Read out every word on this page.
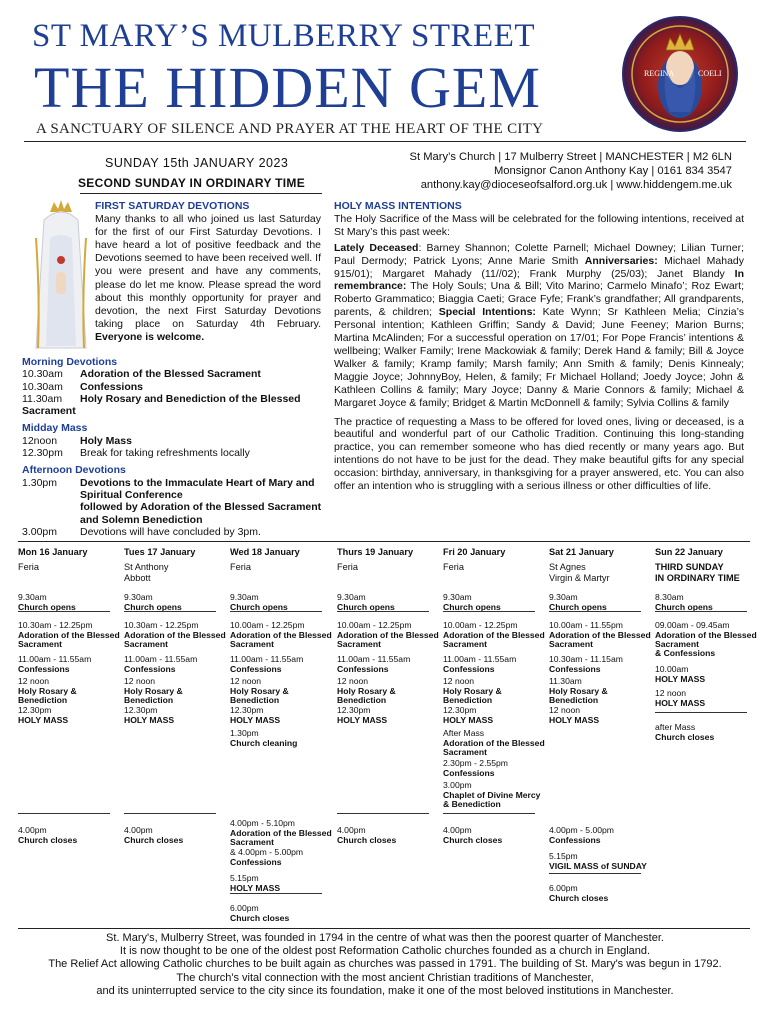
ST MARY’S MULBERRY STREET
THE HIDDEN GEM
A SANCTUARY OF SILENCE AND PRAYER AT THE HEART OF THE CITY
REGINA	COELI
SUNDAY 15th JANUARY 2023
SECOND SUNDAY IN ORDINARY TIME
St Mary’s Church | 17 Mulberry Street | MANCHESTER | M2 6LN
Monsignor Canon Anthony Kay | 0161 834 3547
anthony.kay@dioceseofsalford.org.uk | www.hiddengem.me.uk
FIRST SATURDAY DEVOTIONS

Many thanks to all who joined us last Saturday for the first of our First Saturday Devotions. I have heard a lot of positive feedback and the Devotions seemed to have been received well. If you were present and have any comments, please do let me know. Please spread the word about this monthly opportunity for prayer and devotion, the next First Saturday Devotions taking place on Saturday 4th February. Everyone is welcome.

Morning Devotions
10.30am	Adoration of the Blessed Sacrament
10.30am	Confessions
11.30am Holy Rosary and Benediction of the Blessed Sacrament
Midday Mass
12noon	Holy Mass
12.30pm	Break for taking refreshments locally
Afternoon Devotions
1.30pm	Devotions to the Immaculate Heart of Mary and Spiritual Conference
followed by Adoration of the Blessed Sacrament and Solemn Benediction
3.00pm	Devotions will have concluded by 3pm.
HOLY MASS INTENTIONS

The Holy Sacrifice of the Mass will be celebrated for the following intentions, received at St Mary’s this past week:

Lately Deceased: Barney Shannon; Colette Parnell; Michael Downey; Lilian Turner; Paul Dermody; Patrick Lyons; Anne Marie Smith Anniversaries: Michael Mahady 915/01); Margaret Mahady (11//02); Frank Murphy (25/03); Janet Blandy In remembrance: The Holy Souls; Una & Bill; Vito Marino; Carmelo Minafo’; Roz Ewart; Roberto Grammatico; Biaggia Caeti; Grace Fyfe; Frank’s grandfather; All grandparents, parents, & children; Special Intentions: Kate Wynn; Sr Kathleen Melia; Cinzia’s Personal intention; Kathleen Griffin; Sandy & David; June Feeney; Marion Burns; Martina McAlinden; For a successful operation on 17/01; For Pope Francis’ intentions & wellbeing; Walker Family; Irene Mackowiak & family; Derek Hand & family; Bill & Joyce Walker & family; Kramp family; Marsh family; Ann Smith & family; Denis Kinnealy; Maggie Joyce; JohnnyBoy, Helen, & family; Fr Michael Holland; Joedy Joyce; John & Kathleen Collins & family; Mary Joyce; Danny & Marie Connors & family; Michael & Margaret Joyce & family; Bridget & Martin McDonnell & family; Sylvia Collins & family

The practice of requesting a Mass to be offered for loved ones, living or deceased, is a beautiful and wonderful part of our Catholic Tradition. Continuing this long-standing practice, you can remember someone who has died recently or many years ago. But intentions do not have to be just for the dead. They make beautiful gifts for any special occasion: birthday, anniversary, in thanksgiving for a prayer answered, etc. You can also offer an intention who is struggling with a serious illness or other difficulties of life.

Mon 16 January
Feria
9.30am
Church opens
10.30am - 12.25pm
Adoration of the Blessed Sacrament
11.00am - 11.55am
Confessions
12 noon
Holy Rosary & Benediction
12.30pm
HOLY MASS
4.00pm
Church closes
Tues 17 January
St Anthony
Abbott
9.30am
Church opens
10.30am - 12.25pm
Adoration of the Blessed Sacrament
11.00am - 11.55am
Confessions
12 noon
Holy Rosary & Benediction
12.30pm
HOLY MASS
4.00pm
Church closes
Wed 18 January
Feria
9.30am
Church opens
10.00am - 12.25pm
Adoration of the Blessed Sacrament
11.00am - 11.55am
Confessions
12 noon
Holy Rosary & Benediction
12.30pm
HOLY MASS
1.30pm
Church cleaning
4.00pm - 5.10pm
Adoration of the Blessed Sacrament
& 4.00pm - 5.00pm
Confessions
5.15pm
HOLY MASS
6.00pm
Church closes
Thurs 19 January
Feria
9.30am
Church opens
10.00am - 12.25pm
Adoration of the Blessed Sacrament
11.00am - 11.55am
Confessions
12 noon
Holy Rosary & Benediction
12.30pm
HOLY MASS
4.00pm
Church closes
Fri 20 January
Feria
9.30am
Church opens
10.00am - 12.25pm
Adoration of the Blessed Sacrament
11.00am - 11.55am
Confessions
12 noon
Holy Rosary & Benediction
12.30pm
HOLY MASS
After Mass
Adoration of the Blessed Sacrament
2.30pm - 2.55pm
Confessions
3.00pm
Chaplet of Divine Mercy & Benediction
4.00pm
Church closes
Sat 21 January
St Agnes
Virgin & Martyr
9.30am
Church opens
10.00am - 11.55pm
Adoration of the Blessed Sacrament
10.30am - 11.15am
Confessions
11.30am
Holy Rosary & Benediction
12 noon
HOLY MASS
4.00pm - 5.00pm
Confessions
5.15pm
VIGIL MASS of SUNDAY
6.00pm
Church closes
Sun 22 January
THIRD SUNDAY
IN ORDINARY TIME
8.30am
Church opens
09.00am - 09.45am
Adoration of the Blessed Sacrament
& Confessions
10.00am
HOLY MASS
12 noon
HOLY MASS
after Mass
Church closes
St. Mary's, Mulberry Street, was founded in 1794 in the centre of what was then the poorest quarter of Manchester.
It is now thought to be one of the oldest post Reformation Catholic churches founded as a church in England.
The Relief Act allowing Catholic churches to be built again as churches was passed in 1791. The building of St. Mary's was begun in 1792.
The church's vital connection with the most ancient Christian traditions of Manchester,
and its uninterrupted service to the city since its foundation, make it one of the most beloved institutions in Manchester.
